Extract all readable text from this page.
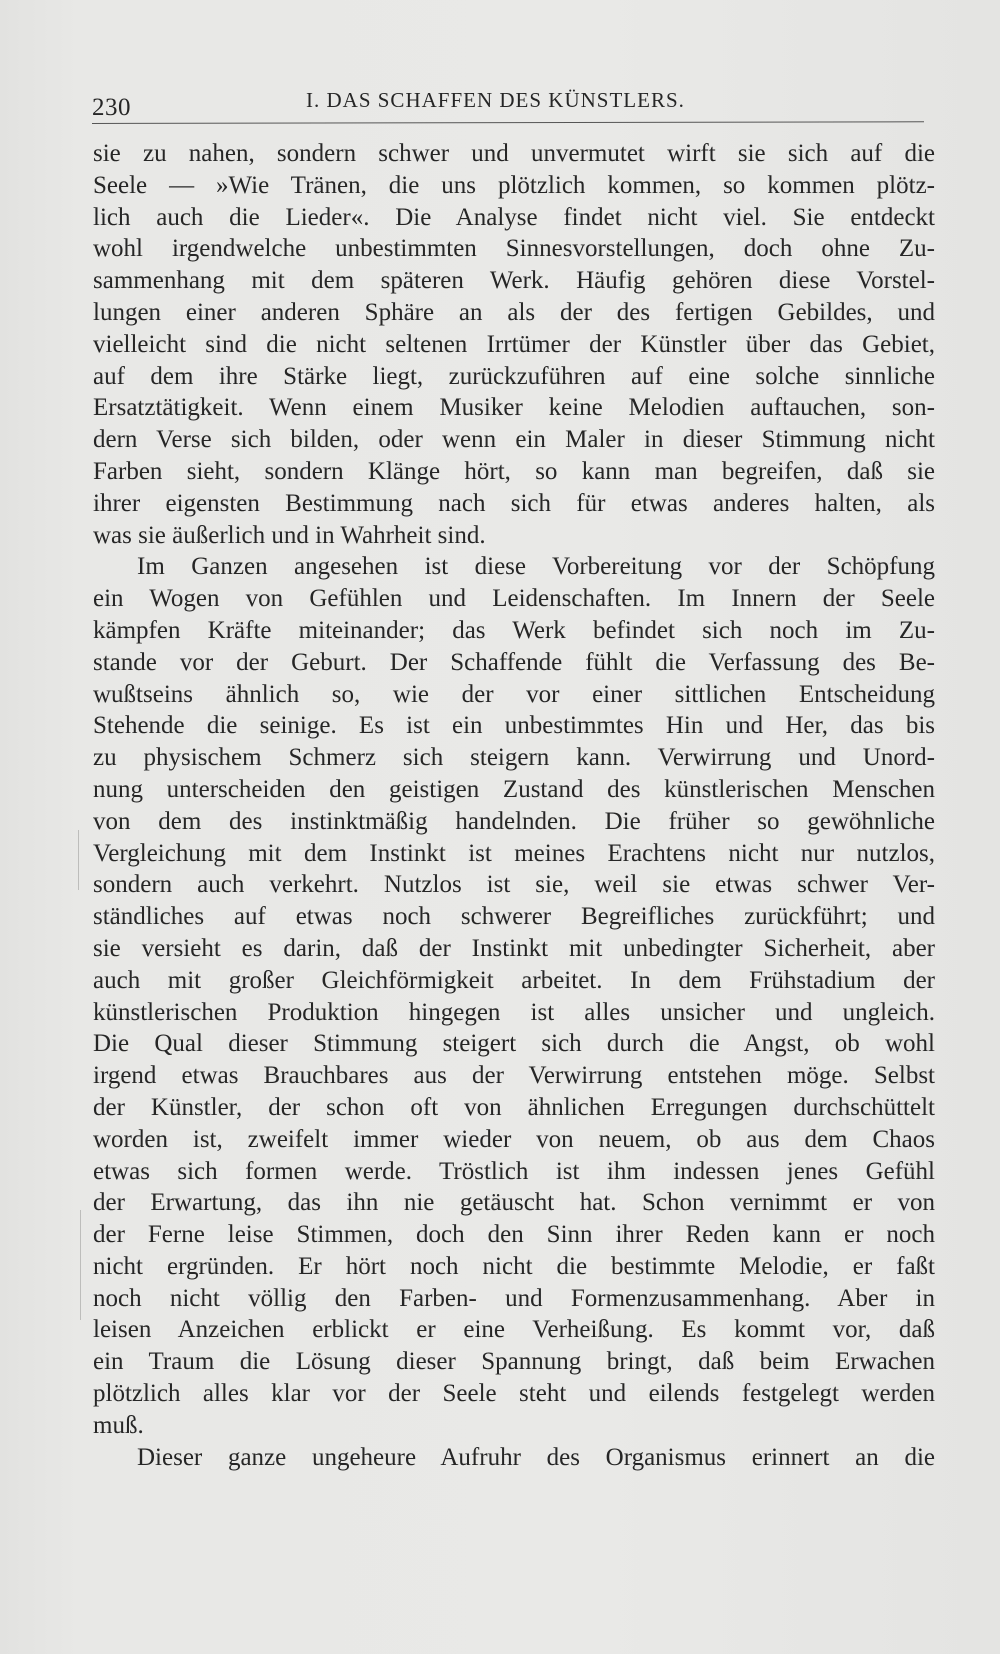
230	I. DAS SCHAFFEN DES KÜNSTLERS.
sie zu nahen, sondern schwer und unvermutet wirft sie sich auf die
Seele — »Wie Tränen, die uns plötzlich kommen, so kommen plötz-
lich auch die Lieder«. Die Analyse findet nicht viel. Sie entdeckt
wohl irgendwelche unbestimmten Sinnesvorstellungen, doch ohne Zu-
sammenhang mit dem späteren Werk. Häufig gehören diese Vorstel-
lungen einer anderen Sphäre an als der des fertigen Gebildes, und
vielleicht sind die nicht seltenen Irrtümer der Künstler über das Gebiet,
auf dem ihre Stärke liegt, zurückzuführen auf eine solche sinnliche
Ersatztätigkeit. Wenn einem Musiker keine Melodien auftauchen, son-
dern Verse sich bilden, oder wenn ein Maler in dieser Stimmung nicht
Farben sieht, sondern Klänge hört, so kann man begreifen, daß sie
ihrer eigensten Bestimmung nach sich für etwas anderes halten, als
was sie äußerlich und in Wahrheit sind.
Im Ganzen angesehen ist diese Vorbereitung vor der Schöpfung
ein Wogen von Gefühlen und Leidenschaften. Im Innern der Seele
kämpfen Kräfte miteinander; das Werk befindet sich noch im Zu-
stande vor der Geburt. Der Schaffende fühlt die Verfassung des Be-
wußtseins ähnlich so, wie der vor einer sittlichen Entscheidung
Stehende die seinige. Es ist ein unbestimmtes Hin und Her, das bis
zu physischem Schmerz sich steigern kann. Verwirrung und Unord-
nung unterscheiden den geistigen Zustand des künstlerischen Menschen
von dem des instinktmäßig handelnden. Die früher so gewöhnliche
Vergleichung mit dem Instinkt ist meines Erachtens nicht nur nutzlos,
sondern auch verkehrt. Nutzlos ist sie, weil sie etwas schwer Ver-
ständliches auf etwas noch schwerer Begreifliches zurückführt; und
sie versieht es darin, daß der Instinkt mit unbedingter Sicherheit, aber
auch mit großer Gleichförmigkeit arbeitet. In dem Frühstadium der
künstlerischen Produktion hingegen ist alles unsicher und ungleich.
Die Qual dieser Stimmung steigert sich durch die Angst, ob wohl
irgend etwas Brauchbares aus der Verwirrung entstehen möge. Selbst
der Künstler, der schon oft von ähnlichen Erregungen durchschüttelt
worden ist, zweifelt immer wieder von neuem, ob aus dem Chaos
etwas sich formen werde. Tröstlich ist ihm indessen jenes Gefühl
der Erwartung, das ihn nie getäuscht hat. Schon vernimmt er von
der Ferne leise Stimmen, doch den Sinn ihrer Reden kann er noch
nicht ergründen. Er hört noch nicht die bestimmte Melodie, er faßt
noch nicht völlig den Farben- und Formenzusammenhang. Aber in
leisen Anzeichen erblickt er eine Verheißung. Es kommt vor, daß
ein Traum die Lösung dieser Spannung bringt, daß beim Erwachen
plötzlich alles klar vor der Seele steht und eilends festgelegt werden
muß.
Dieser ganze ungeheure Aufruhr des Organismus erinnert an die
